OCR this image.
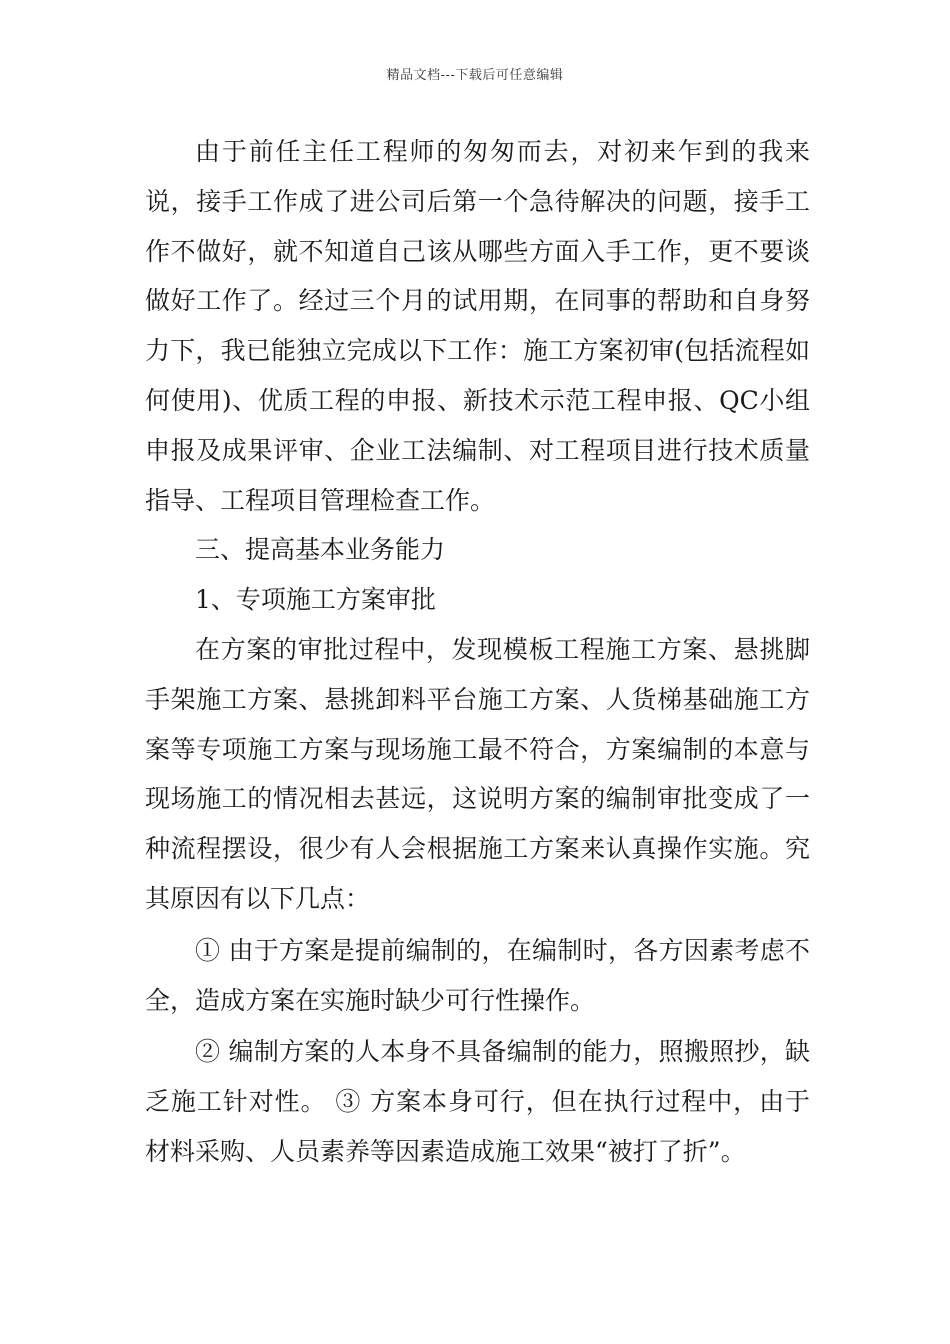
精品文档---下载后可任意编辑

由于前任主任工程师的匆匆而去，对初来乍到的我来说，接手工作成了进公司后第一个急待解决的问题，接手工作不做好，就不知道自己该从哪些方面入手工作，更不要谈做好工作了。经过三个月的试用期，在同事的帮助和自身努力下，我已能独立完成以下工作：施工方案初审(包括流程如何使用)、优质工程的申报、新技术示范工程申报、QC小组申报及成果评审、企业工法编制、对工程项目进行技术质量指导、工程项目管理检查工作。

三、提高基本业务能力

1、专项施工方案审批

在方案的审批过程中，发现模板工程施工方案、悬挑脚手架施工方案、悬挑卸料平台施工方案、人货梯基础施工方案等专项施工方案与现场施工最不符合，方案编制的本意与现场施工的情况相去甚远，这说明方案的编制审批变成了一种流程摆设，很少有人会根据施工方案来认真操作实施。究其原因有以下几点：

① 由于方案是提前编制的，在编制时，各方因素考虑不全，造成方案在实施时缺少可行性操作。

② 编制方案的人本身不具备编制的能力，照搬照抄，缺乏施工针对性。 ③ 方案本身可行，但在执行过程中，由于材料采购、人员素养等因素造成施工效果“被打了折”。
